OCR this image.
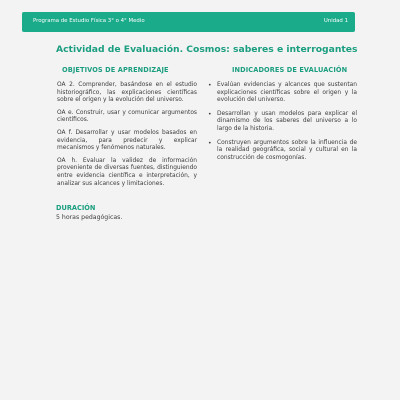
Programa de Estudio Física 3° o 4° Medio	Unidad 1
Actividad de Evaluación. Cosmos: saberes e interrogantes
OBJETIVOS DE APRENDIZAJE	INDICADORES DE EVALUACIÓN

OA 2. Comprender, basándose en el estudio historiográfico, las explicaciones científicas sobre el origen y la evolución del universo.

OA e. Construir, usar y comunicar argumentos científicos.

OA f. Desarrollar y usar modelos basados en evidencia, para predecir y explicar mecanismos y fenómenos naturales.

OA h. Evaluar la validez de información proveniente de diversas fuentes, distinguiendo entre evidencia científica e interpretación, y analizar sus alcances y limitaciones.

• Evalúan evidencias y alcances que sustentan explicaciones científicas sobre el origen y la evolución del universo.
• Desarrollan y usan modelos para explicar el dinamismo de los saberes del universo a lo largo de la historia.
• Construyen argumentos sobre la influencia de la realidad geográfica, social y cultural en la construcción de cosmogonías.
DURACIÓN
5 horas pedagógicas.
